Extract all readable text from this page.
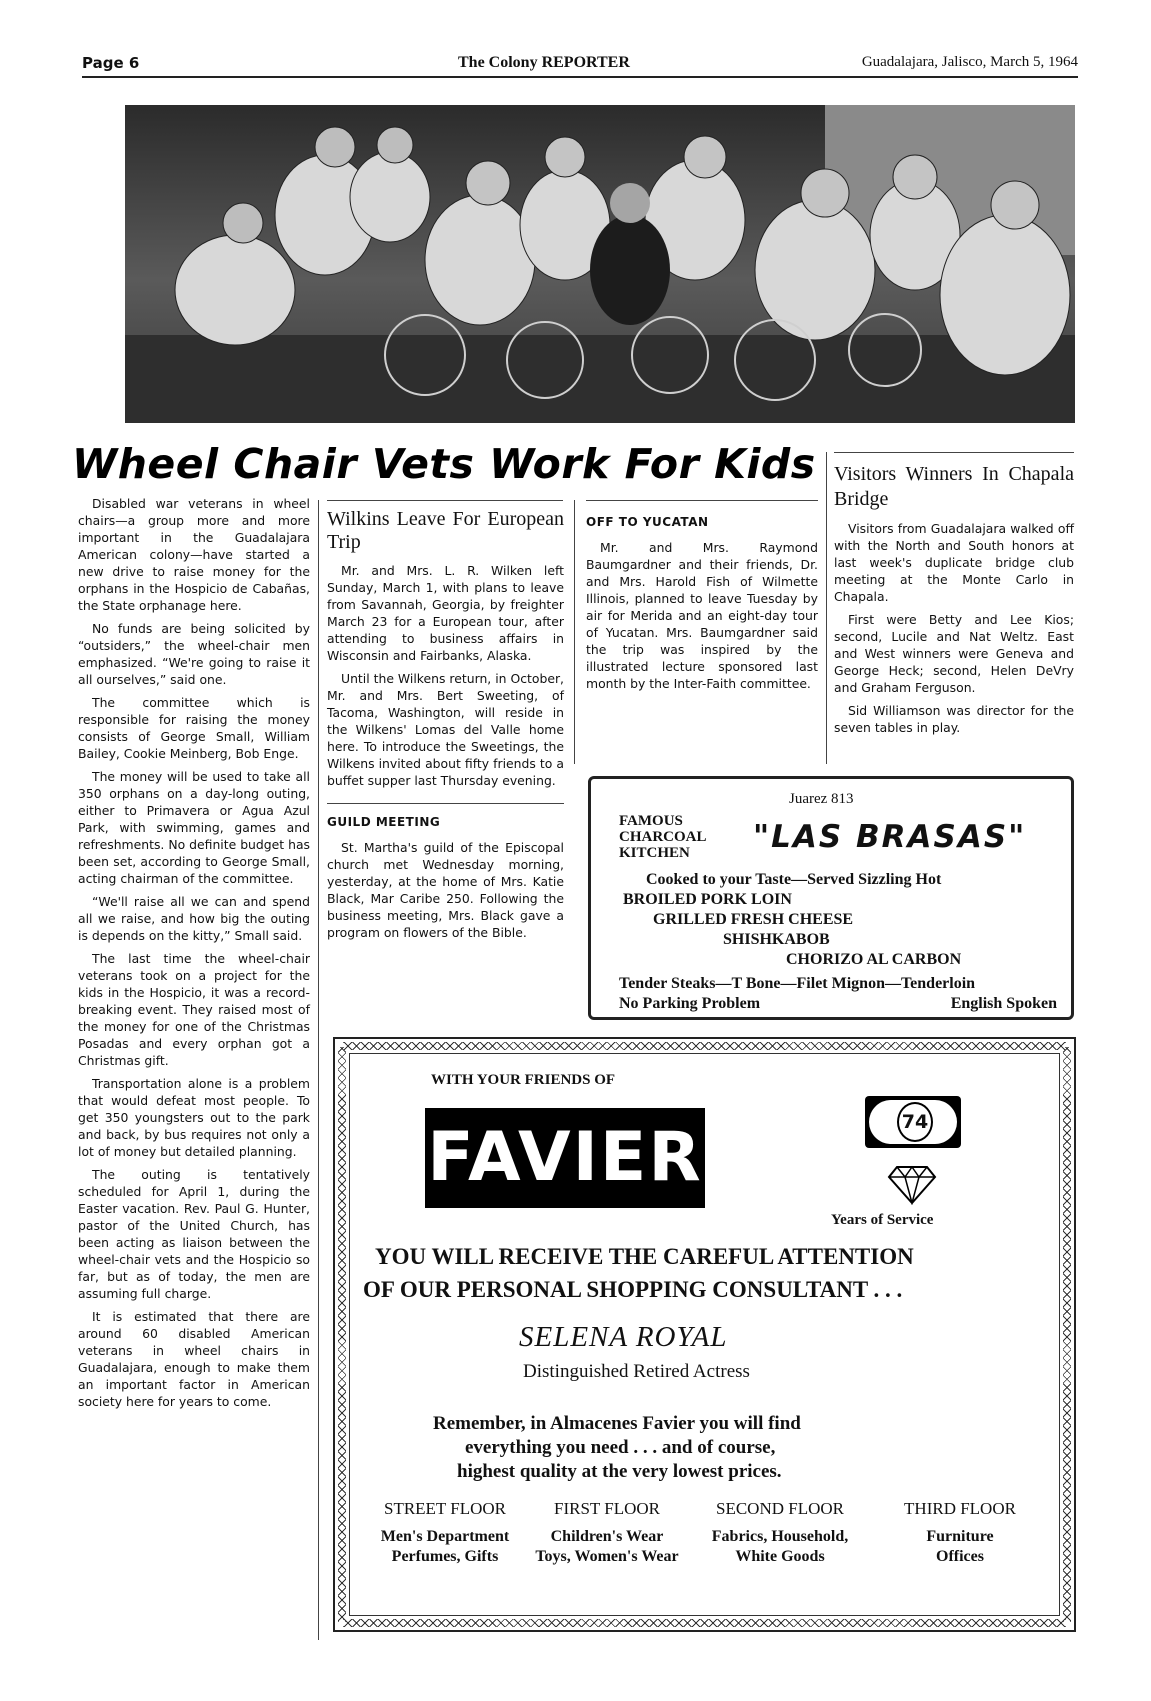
Page 6	The Colony REPORTER	Guadalajara, Jalisco, March 5, 1964
Wheel Chair Vets Work For Kids

Disabled war veterans in wheel chairs—a group more and more important in the Guadalajara American colony—have started a new drive to raise money for the orphans in the Hospicio de Cabañas, the State orphanage here.

No funds are being solicited by “outsiders,” the wheel-chair men emphasized. “We're going to raise it all ourselves,” said one.

The committee which is responsible for raising the money consists of George Small, William Bailey, Cookie Meinberg, Bob Enge.

The money will be used to take all 350 orphans on a day-long outing, either to Primavera or Agua Azul Park, with swimming, games and refreshments. No definite budget has been set, according to George Small, acting chairman of the committee.

“We'll raise all we can and spend all we raise, and how big the outing is depends on the kitty,” Small said.

The last time the wheel-chair veterans took on a project for the kids in the Hospicio, it was a record-breaking event. They raised most of the money for one of the Christmas Posadas and every orphan got a Christmas gift.

Transportation alone is a problem that would defeat most people. To get 350 youngsters out to the park and back, by bus requires not only a lot of money but detailed planning.

The outing is tentatively scheduled for April 1, during the Easter vacation. Rev. Paul G. Hunter, pastor of the United Church, has been acting as liaison between the wheel-chair vets and the Hospicio so far, but as of today, the men are assuming full charge.

It is estimated that there are around 60 disabled American veterans in wheel chairs in Guadalajara, enough to make them an important factor in American society here for years to come.

Wilkins Leave For European Trip

Mr. and Mrs. L. R. Wilken left Sunday, March 1, with plans to leave from Savannah, Georgia, by freighter March 23 for a European tour, after attending to business affairs in Wisconsin and Fairbanks, Alaska.

Until the Wilkens return, in October, Mr. and Mrs. Bert Sweeting, of Tacoma, Washington, will reside in the Wilkens' Lomas del Valle home here. To introduce the Sweetings, the Wilkens invited about fifty friends to a buffet supper last Thursday evening.

GUILD MEETING

St. Martha's guild of the Episcopal church met Wednesday morning, yesterday, at the home of Mrs. Katie Black, Mar Caribe 250. Following the business meeting, Mrs. Black gave a program on flowers of the Bible.

OFF TO YUCATAN

Mr. and Mrs. Raymond Baumgardner and their friends, Dr. and Mrs. Harold Fish of Wilmette Illinois, planned to leave Tuesday by air for Merida and an eight-day tour of Yucatan. Mrs. Baumgardner said the trip was inspired by the illustrated lecture sponsored last month by the Inter-Faith committee.

Visitors Winners In Chapala Bridge

Visitors from Guadalajara walked off with the North and South honors at last week's duplicate bridge club meeting at the Monte Carlo in Chapala.

First were Betty and Lee Kios; second, Lucile and Nat Weltz. East and West winners were Geneva and George Heck; second, Helen DeVry and Graham Ferguson.

Sid Williamson was director for the seven tables in play.

Juarez 813
FAMOUS
CHARCOAL
KITCHEN	"LAS BRASAS"
Cooked to your Taste—Served Sizzling Hot
BROILED PORK LOIN
GRILLED FRESH CHEESE
SHISHKABOB
CHORIZO AL CARBON
Tender Steaks—T Bone—Filet Mignon—Tenderloin
No Parking Problem	English Spoken
WITH YOUR FRIENDS OF
FAVIER	74
Years of Service
YOU WILL RECEIVE THE CAREFUL ATTENTION
OF OUR PERSONAL SHOPPING CONSULTANT . . .
SELENA ROYAL
Distinguished Retired Actress
Remember, in Almacenes Favier you will find
everything you need . . . and of course,
highest quality at the very lowest prices.
STREET FLOOR
Men's Department
Perfumes, Gifts
FIRST FLOOR
Children's Wear
Toys, Women's Wear
SECOND FLOOR
Fabrics, Household,
White Goods
THIRD FLOOR
Furniture
Offices
